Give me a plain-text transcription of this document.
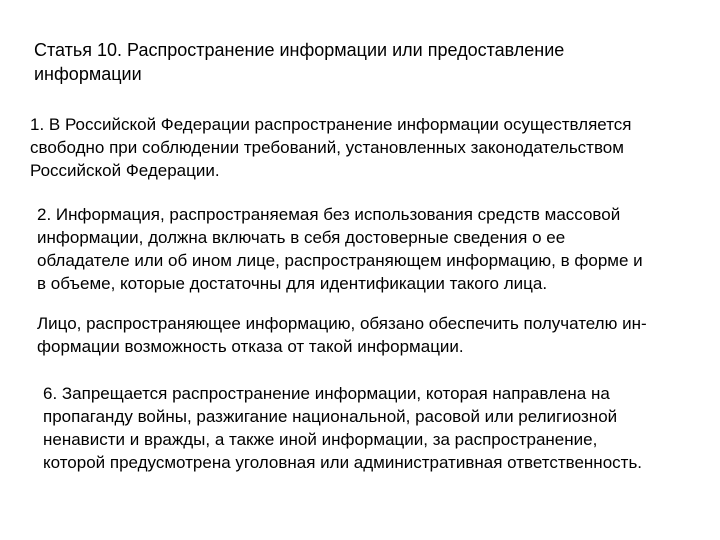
Статья 10. Распространение информации или предоставление
информации

1. В Российской Федерации распространение информации осуществляется
свободно при соблюдении требований, установленных законодательством
Российской Федерации.

2. Информация, распространяемая без использования средств массовой
информации, должна включать в себя достоверные сведения о ее
обладателе или об ином лице, распространяющем информацию, в форме и
в объеме, которые достаточны для идентификации такого лица.

Лицо, распространяющее информацию, обязано обеспечить получателю ин-
формации возможность отказа от такой информации.

6. Запрещается распространение информации, которая направлена на
пропаганду войны, разжигание национальной, расовой или религиозной
ненависти и вражды, а также иной информации, за распространение,
которой предусмотрена уголовная или административная ответственность.
